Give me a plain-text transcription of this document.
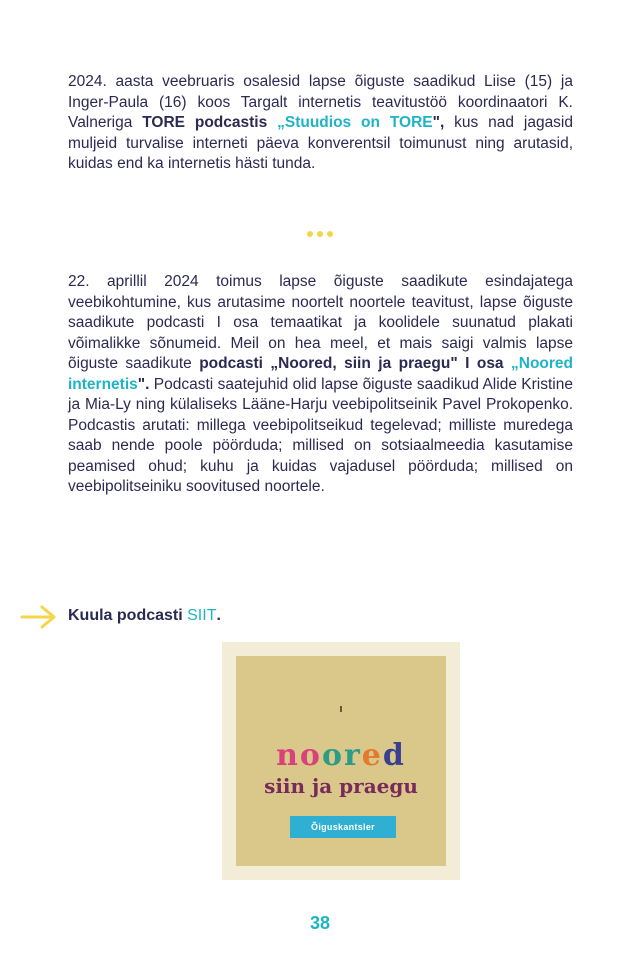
2024. aasta veebruaris osalesid lapse õiguste saadikud Liise (15) ja Inger-Paula (16) koos Targalt internetis teavitustöö koordinaatori K. Valneriga TORE podcastis „Stuudios on TORE", kus nad jagasid muljeid turvalise interneti päeva konverentsil toimunust ning arutasid, kuidas end ka internetis hästi tunda.

22. aprillil 2024 toimus lapse õiguste saadikute esindajatega veebikohtumine, kus arutasime noortelt noortele teavitust, lapse õiguste saadikute podcasti I osa temaatikat ja koolidele suunatud plakati võimalikke sõnumeid. Meil on hea meel, et mais saigi valmis lapse õiguste saadikute podcasti „Noored, siin ja praegu" I osa „Noored internetis". Podcasti saatejuhid olid lapse õiguste saadikud Alide Kristine ja Mia-Ly ning külaliseks Lääne-Harju veebipolitseinik Pavel Prokopenko. Podcastis arutati: millega veebipolitseikud tegelevad; milliste muredega saab nende poole pöörduda; millised on sotsiaalmeedia kasutamise peamised ohud; kuhu ja kuidas vajadusel pöörduda; millised on veebipolitseiniku soovitused noortele.

Kuula podcasti SIIT.
noored
siin ja praegu
Õiguskantsler
38
